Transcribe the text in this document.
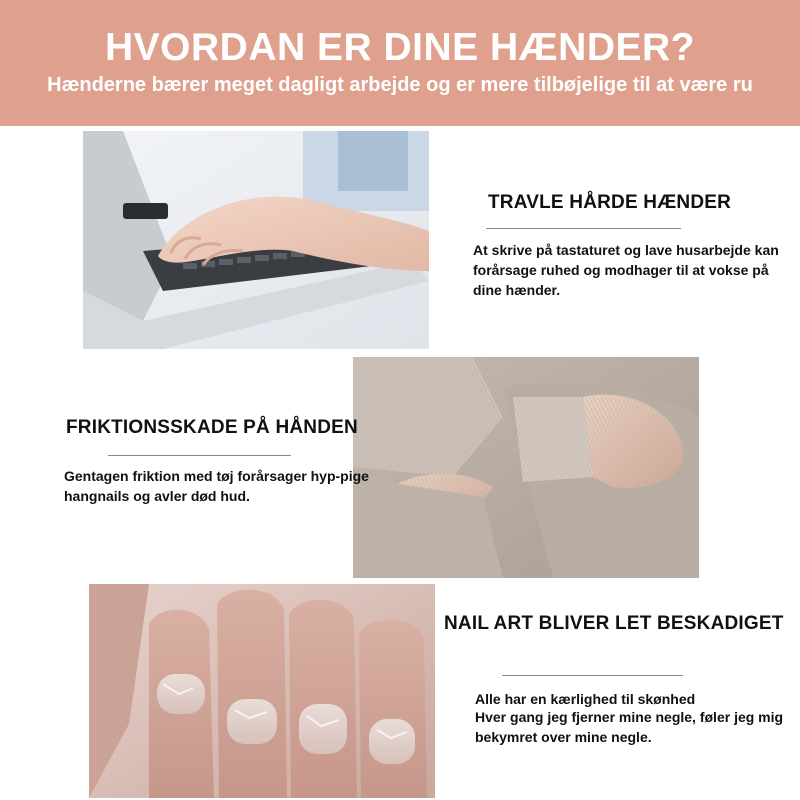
HVORDAN ER DINE HÆNDER?
Hænderne bærer meget dagligt arbejde og er mere tilbøjelige til at være ru
TRAVLE HÅRDE HÆNDER
At skrive på tastaturet og lave husarbejde kan forårsage ruhed og modhager til at vokse på dine hænder.
FRIKTIONSSKADE PÅ HÅNDEN
Gentagen friktion med tøj forårsager hyp-pige hangnails og avler død hud.
NAIL ART BLIVER LET BESKADIGET
Alle har en kærlighed til skønhed
Hver gang jeg fjerner mine negle, føler jeg mig bekymret over mine negle.
